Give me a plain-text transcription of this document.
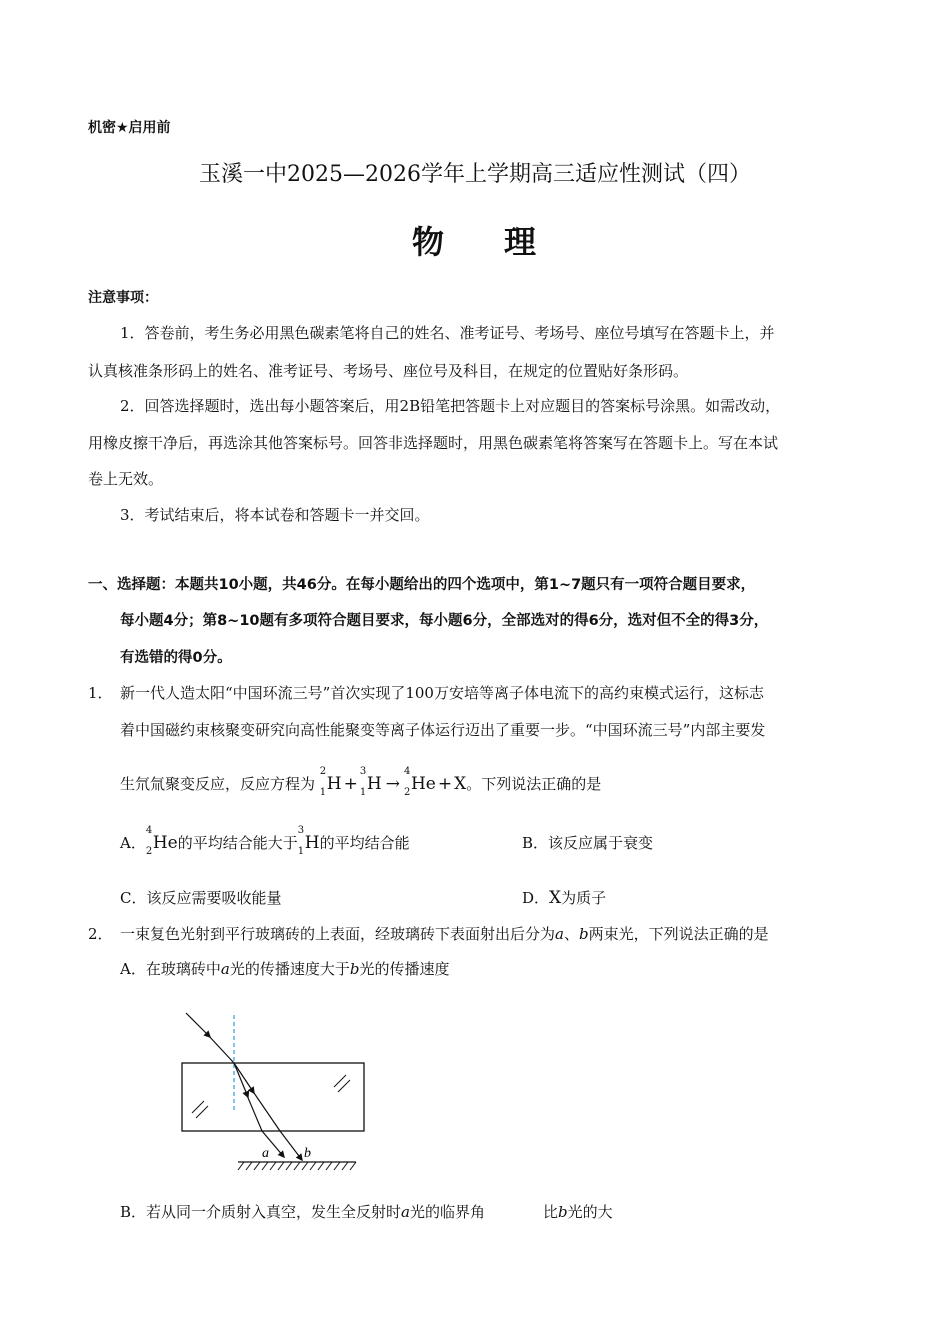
机密★启用前
玉溪一中2025—2026学年上学期高三适应性测试（四）
物 理
注意事项：
1．答卷前，考生务必用黑色碳素笔将自己的姓名、准考证号、考场号、座位号填写在答题卡上，并
认真核准条形码上的姓名、准考证号、考场号、座位号及科目，在规定的位置贴好条形码。
2．回答选择题时，选出每小题答案后，用2B铅笔把答题卡上对应题目的答案标号涂黑。如需改动，
用橡皮擦干净后，再选涂其他答案标号。回答非选择题时，用黑色碳素笔将答案写在答题卡上。写在本试
卷上无效。
3．考试结束后，将本试卷和答题卡一并交回。
一、选择题：本题共10小题，共46分。在每小题给出的四个选项中，第1~7题只有一项符合题目要求，
每小题4分；第8~10题有多项符合题目要求，每小题6分，全部选对的得6分，选对但不全的得3分，
有选错的得0分。
1． 新一代人造太阳“中国环流三号”首次实现了100万安培等离子体电流下的高约束模式运行，这标志
着中国磁约束核聚变研究向高性能聚变等离子体运行迈出了重要一步。“中国环流三号”内部主要发
生氘氚聚变反应，反应方程为
2
1 H +
3
1 H →
4
2 He + X。下列说法正确的是
A．
4
2 He的平均结合能大于
3
1 H的平均结合能	B．该反应属于衰变
C．该反应需要吸收能量	D．X为质子
2． 一束复色光射到平行玻璃砖的上表面，经玻璃砖下表面射出后分为a、b两束光，下列说法正确的是
A．在玻璃砖中a光的传播速度大于b光的传播速度
a	b
B．若从同一介质射入真空，发生全反射时a光的临界角	比b光的大
